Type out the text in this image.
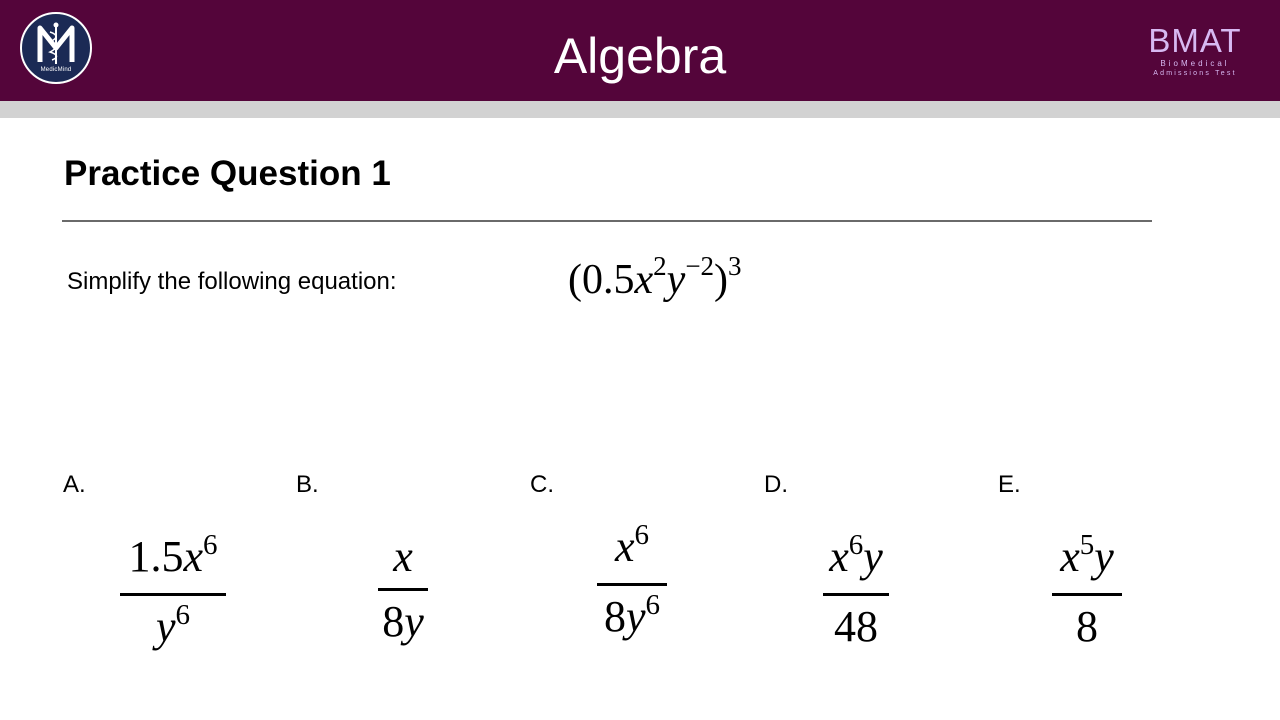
MedicMind	Algebra	BMAT
BioMedical
Admissions Test
Practice Question 1
Simplify the following equation:	$(0.5x^2y^{-2})^3$
A.
$1.5x^6$
$y^6$
B.
x
8y
C.
$x^6$
$8y^6$
D.
$x^6y$
48
E.
$x^5y$
8
